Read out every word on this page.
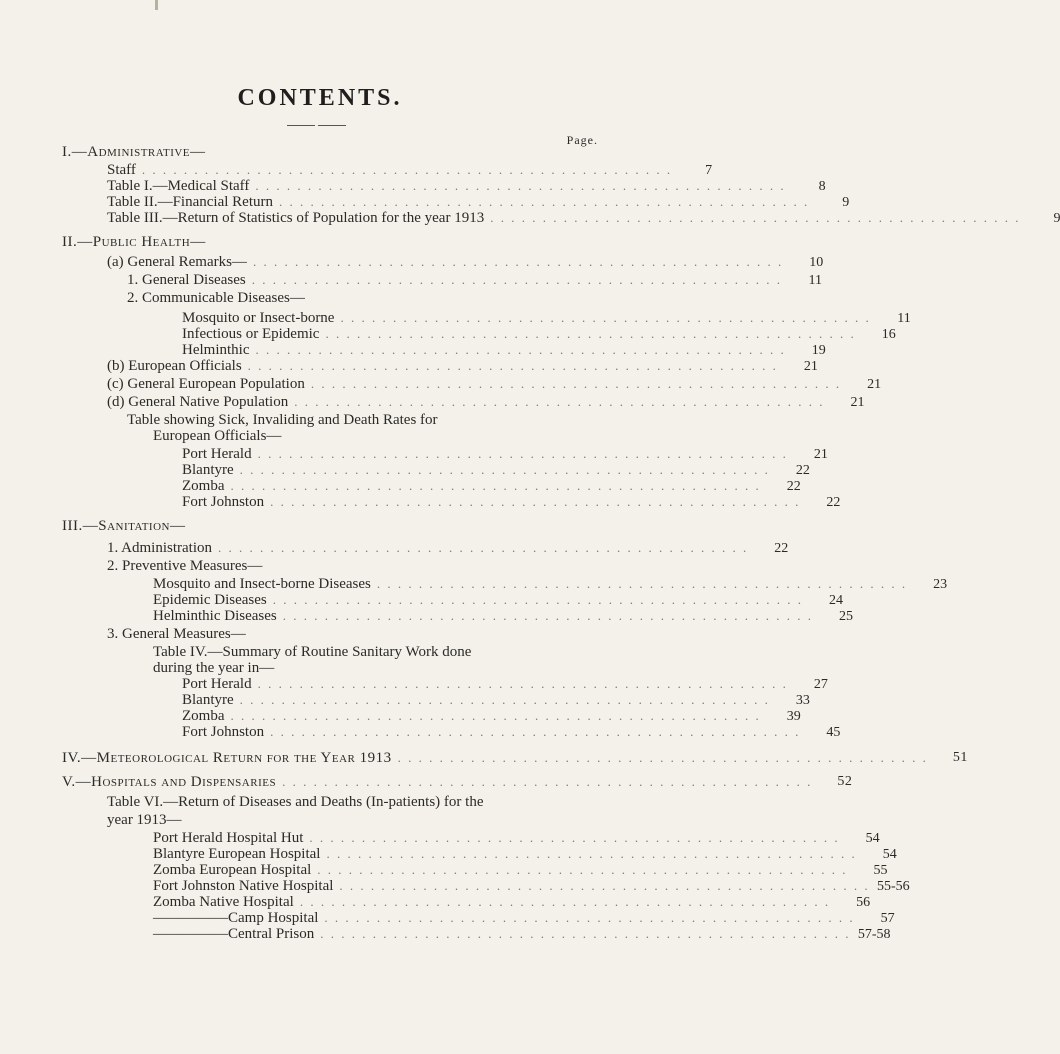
CONTENTS.
Page.
I.—Administrative—
Staff . . . . . . . . . . . . . . . . . . . . . . . . . . . . . . . . . . . . . . . . . . . . . . . . . . .	7
Table I.—Medical Staff . . . . . . . . . . . . . . . . . . . . . . . . . . . . . . . . . . . . . . . . . . . . . . . . . . .	8
Table II.—Financial Return . . . . . . . . . . . . . . . . . . . . . . . . . . . . . . . . . . . . . . . . . . . . . . . . . . .	9
Table III.—Return of Statistics of Population for the year 1913 . . . . . . . . . . . . . . . . . . . . . . . . . . . . . . . . . . . . . . . . . . . . . . . . . . .	9
II.—Public Health—
(a) General Remarks— . . . . . . . . . . . . . . . . . . . . . . . . . . . . . . . . . . . . . . . . . . . . . . . . . . .	10
1. General Diseases . . . . . . . . . . . . . . . . . . . . . . . . . . . . . . . . . . . . . . . . . . . . . . . . . . .	11
2. Communicable Diseases—
Mosquito or Insect-borne . . . . . . . . . . . . . . . . . . . . . . . . . . . . . . . . . . . . . . . . . . . . . . . . . . .	11
Infectious or Epidemic . . . . . . . . . . . . . . . . . . . . . . . . . . . . . . . . . . . . . . . . . . . . . . . . . . .	16
Helminthic . . . . . . . . . . . . . . . . . . . . . . . . . . . . . . . . . . . . . . . . . . . . . . . . . . .	19
(b) European Officials . . . . . . . . . . . . . . . . . . . . . . . . . . . . . . . . . . . . . . . . . . . . . . . . . . .	21
(c) General European Population . . . . . . . . . . . . . . . . . . . . . . . . . . . . . . . . . . . . . . . . . . . . . . . . . . .	21
(d) General Native Population . . . . . . . . . . . . . . . . . . . . . . . . . . . . . . . . . . . . . . . . . . . . . . . . . . .	21
Table showing Sick, Invaliding and Death Rates for
European Officials—
Port Herald . . . . . . . . . . . . . . . . . . . . . . . . . . . . . . . . . . . . . . . . . . . . . . . . . . .	21
Blantyre . . . . . . . . . . . . . . . . . . . . . . . . . . . . . . . . . . . . . . . . . . . . . . . . . . .	22
Zomba . . . . . . . . . . . . . . . . . . . . . . . . . . . . . . . . . . . . . . . . . . . . . . . . . . .	22
Fort Johnston . . . . . . . . . . . . . . . . . . . . . . . . . . . . . . . . . . . . . . . . . . . . . . . . . . .	22
III.—Sanitation—
1. Administration . . . . . . . . . . . . . . . . . . . . . . . . . . . . . . . . . . . . . . . . . . . . . . . . . . .	22
2. Preventive Measures—
Mosquito and Insect-borne Diseases . . . . . . . . . . . . . . . . . . . . . . . . . . . . . . . . . . . . . . . . . . . . . . . . . . .	23
Epidemic Diseases . . . . . . . . . . . . . . . . . . . . . . . . . . . . . . . . . . . . . . . . . . . . . . . . . . .	24
Helminthic Diseases . . . . . . . . . . . . . . . . . . . . . . . . . . . . . . . . . . . . . . . . . . . . . . . . . . .	25
3. General Measures—
Table IV.—Summary of Routine Sanitary Work done
during the year in—
Port Herald . . . . . . . . . . . . . . . . . . . . . . . . . . . . . . . . . . . . . . . . . . . . . . . . . . .	27
Blantyre . . . . . . . . . . . . . . . . . . . . . . . . . . . . . . . . . . . . . . . . . . . . . . . . . . .	33
Zomba . . . . . . . . . . . . . . . . . . . . . . . . . . . . . . . . . . . . . . . . . . . . . . . . . . .	39
Fort Johnston . . . . . . . . . . . . . . . . . . . . . . . . . . . . . . . . . . . . . . . . . . . . . . . . . . .	45
IV.—Meteorological Return for the Year 1913 . . . . . . . . . . . . . . . . . . . . . . . . . . . . . . . . . . . . . . . . . . . . . . . . . . .	51
V.—Hospitals and Dispensaries . . . . . . . . . . . . . . . . . . . . . . . . . . . . . . . . . . . . . . . . . . . . . . . . . . .	52
Table VI.—Return of Diseases and Deaths (In-patients) for the
year 1913—
Port Herald Hospital Hut . . . . . . . . . . . . . . . . . . . . . . . . . . . . . . . . . . . . . . . . . . . . . . . . . . .	54
Blantyre European Hospital . . . . . . . . . . . . . . . . . . . . . . . . . . . . . . . . . . . . . . . . . . . . . . . . . . .	54
Zomba European Hospital . . . . . . . . . . . . . . . . . . . . . . . . . . . . . . . . . . . . . . . . . . . . . . . . . . .	55
Fort Johnston Native Hospital . . . . . . . . . . . . . . . . . . . . . . . . . . . . . . . . . . . . . . . . . . . . . . . . . . . 55-56
Zomba Native Hospital . . . . . . . . . . . . . . . . . . . . . . . . . . . . . . . . . . . . . . . . . . . . . . . . . . .	56
—————Camp Hospital . . . . . . . . . . . . . . . . . . . . . . . . . . . . . . . . . . . . . . . . . . . . . . . . . . .	57
—————Central Prison . . . . . . . . . . . . . . . . . . . . . . . . . . . . . . . . . . . . . . . . . . . . . . . . . . . 57-58
